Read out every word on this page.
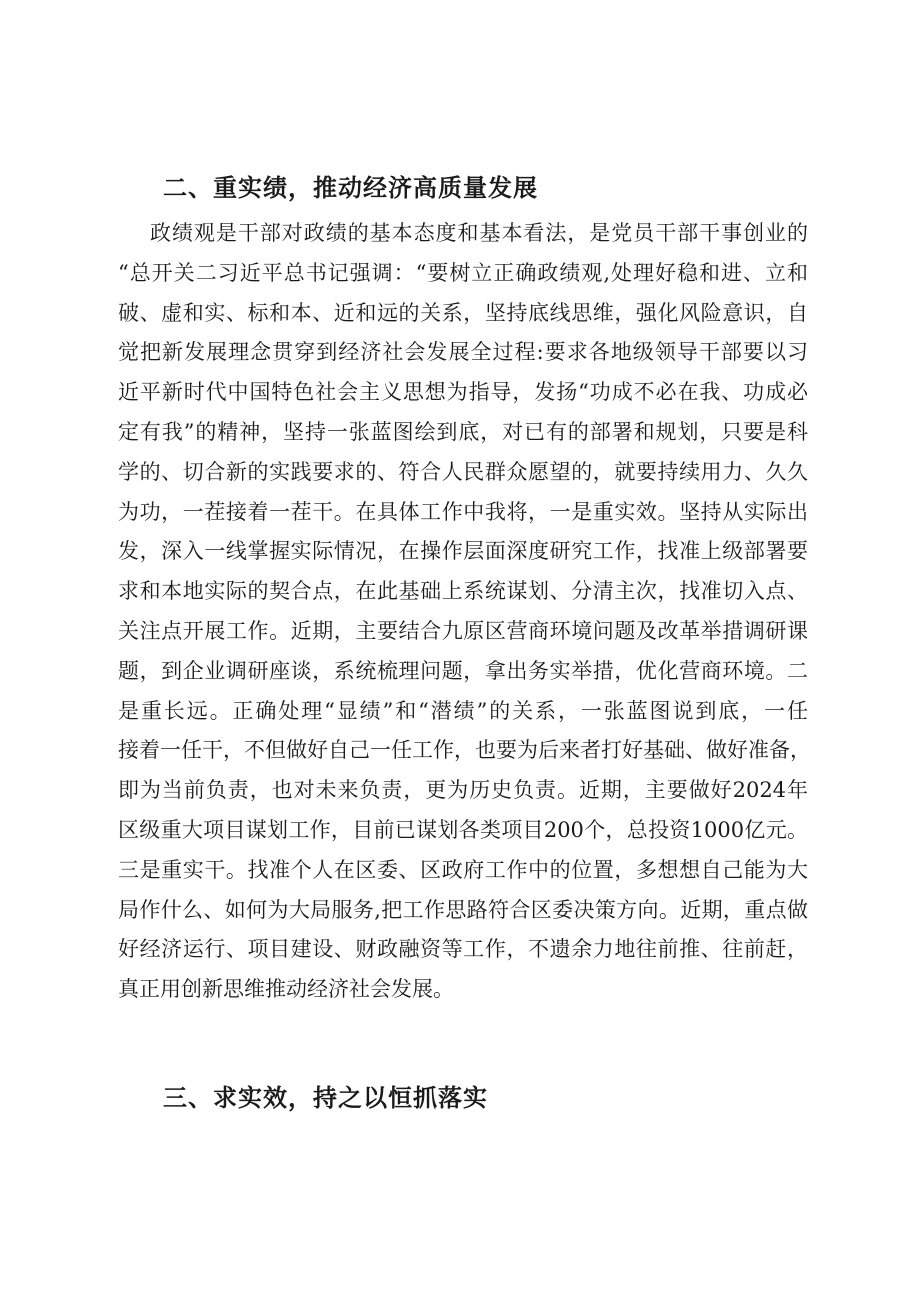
二、重实绩，推动经济高质量发展
政绩观是干部对政绩的基本态度和基本看法，是党员干部干事创业的
“总开关二习近平总书记强调：“要树立正确政绩观,处理好稳和进、立和
破、虚和实、标和本、近和远的关系，坚持底线思维，强化风险意识，自
觉把新发展理念贯穿到经济社会发展全过程:要求各地级领导干部要以习
近平新时代中国特色社会主义思想为指导，发扬“功成不必在我、功成必
定有我”的精神，坚持一张蓝图绘到底，对已有的部署和规划，只要是科
学的、切合新的实践要求的、符合人民群众愿望的，就要持续用力、久久
为功，一茬接着一茬干。在具体工作中我将，一是重实效。坚持从实际出
发，深入一线掌握实际情况，在操作层面深度研究工作，找准上级部署要
求和本地实际的契合点，在此基础上系统谋划、分清主次，找准切入点、
关注点开展工作。近期，主要结合九原区营商环境问题及改革举措调研课
题，到企业调研座谈，系统梳理问题，拿出务实举措，优化营商环境。二
是重长远。正确处理“显绩”和“潜绩”的关系，一张蓝图说到底，一任
接着一任干，不但做好自己一任工作，也要为后来者打好基础、做好准备，
即为当前负责，也对未来负责，更为历史负责。近期，主要做好2024年
区级重大项目谋划工作，目前已谋划各类项目200个，总投资1000亿元。
三是重实干。找准个人在区委、区政府工作中的位置，多想想自己能为大
局作什么、如何为大局服务,把工作思路符合区委决策方向。近期，重点做
好经济运行、项目建设、财政融资等工作，不遗余力地往前推、往前赶，
真正用创新思维推动经济社会发展。
三、求实效，持之以恒抓落实
